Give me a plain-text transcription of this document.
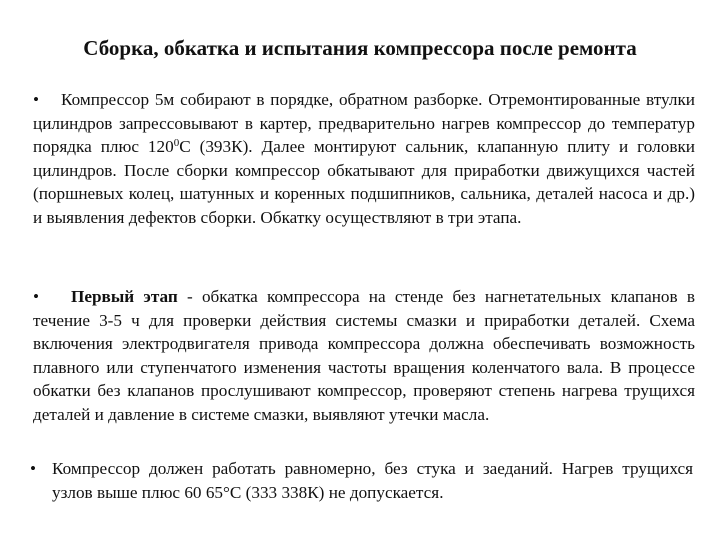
Сборка, обкатка и испытания компрессора после ремонта

• Компрессор 5м собирают в порядке, обратном разборке. Отремонтированные втулки цилиндров запрессовывают в картер, предварительно нагрев компрессор до температур порядка плюс $120^0С$ (393К). Далее монтируют сальник, клапанную плиту и головки цилиндров. После сборки компрессор обкатывают для приработки движущихся частей (поршневых колец, шатунных и коренных подшипников, сальника, деталей насоса и др.) и выявления дефектов сборки. Обкатку осуществляют в три этапа.

• Первый этап - обкатка компрессора на стенде без нагнетательных клапанов в течение 3-5 ч для проверки действия системы смазки и приработки деталей. Схема включения электродвигателя привода компрессора должна обеспечивать возможность плавного или ступенчатого изменения частоты вращения коленчатого вала. В процессе обкатки без клапанов прослушивают компрессор, проверяют степень нагрева трущихся деталей и давление в системе смазки, выявляют утечки масла.

• Компрессор должен работать равномерно, без стука и заеданий. Нагрев трущихся узлов выше плюс 60 65°С (333 338К) не допускается.
